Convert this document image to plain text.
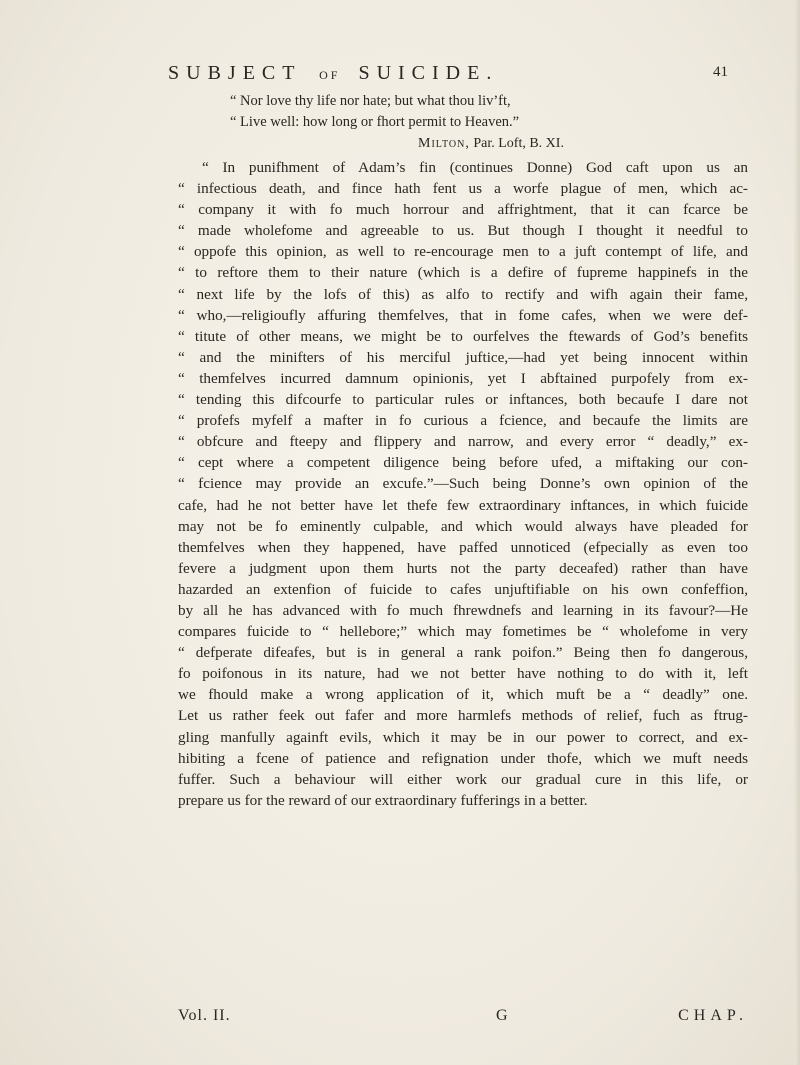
SUBJECT OF SUICIDE.	41
“ Nor love thy life nor hate; but what thou liv’ft,
“ Live well: how long or fhort permit to Heaven.”
Milton, Par. Loft, B. XI.
“ In punifhment of Adam’s fin (continues Donne) God caft upon us an
“ infectious death, and fince hath fent us a worfe plague of men, which ac-
“ company it with fo much horrour and affrightment, that it can fcarce be
“ made wholefome and agreeable to us. But though I thought it needful to
“ oppofe this opinion, as well to re-encourage men to a juft contempt of life, and
“ to reftore them to their nature (which is a defire of fupreme happinefs in the
“ next life by the lofs of this) as alfo to rectify and wifh again their fame,
“ who,—religioufly affuring themfelves, that in fome cafes, when we were def-
“ titute of other means, we might be to ourfelves the ftewards of God’s benefits
“ and the minifters of his merciful juftice,—had yet being innocent within
“ themfelves incurred damnum opinionis, yet I abftained purpofely from ex-
“ tending this difcourfe to particular rules or inftances, both becaufe I dare not
“ profefs myfelf a mafter in fo curious a fcience, and becaufe the limits are
“ obfcure and fteepy and flippery and narrow, and every error “ deadly,” ex-
“ cept where a competent diligence being before ufed, a miftaking our con-
“ fcience may provide an excufe.”—Such being Donne’s own opinion of the
cafe, had he not better have let thefe few extraordinary inftances, in which fuicide
may not be fo eminently culpable, and which would always have pleaded for
themfelves when they happened, have paffed unnoticed (efpecially as even too
fevere a judgment upon them hurts not the party deceafed) rather than have
hazarded an extenfion of fuicide to cafes unjuftifiable on his own confeffion,
by all he has advanced with fo much fhrewdnefs and learning in its favour?—He
compares fuicide to “ hellebore;” which may fometimes be “ wholefome in very
“ defperate difeafes, but is in general a rank poifon.” Being then fo dangerous,
fo poifonous in its nature, had we not better have nothing to do with it, left
we fhould make a wrong application of it, which muft be a “ deadly” one.
Let us rather feek out fafer and more harmlefs methods of relief, fuch as ftrug-
gling manfully againft evils, which it may be in our power to correct, and ex-
hibiting a fcene of patience and refignation under thofe, which we muft needs
fuffer. Such a behaviour will either work our gradual cure in this life, or
prepare us for the reward of our extraordinary fufferings in a better.
Vol. II.	G	CHAP.
